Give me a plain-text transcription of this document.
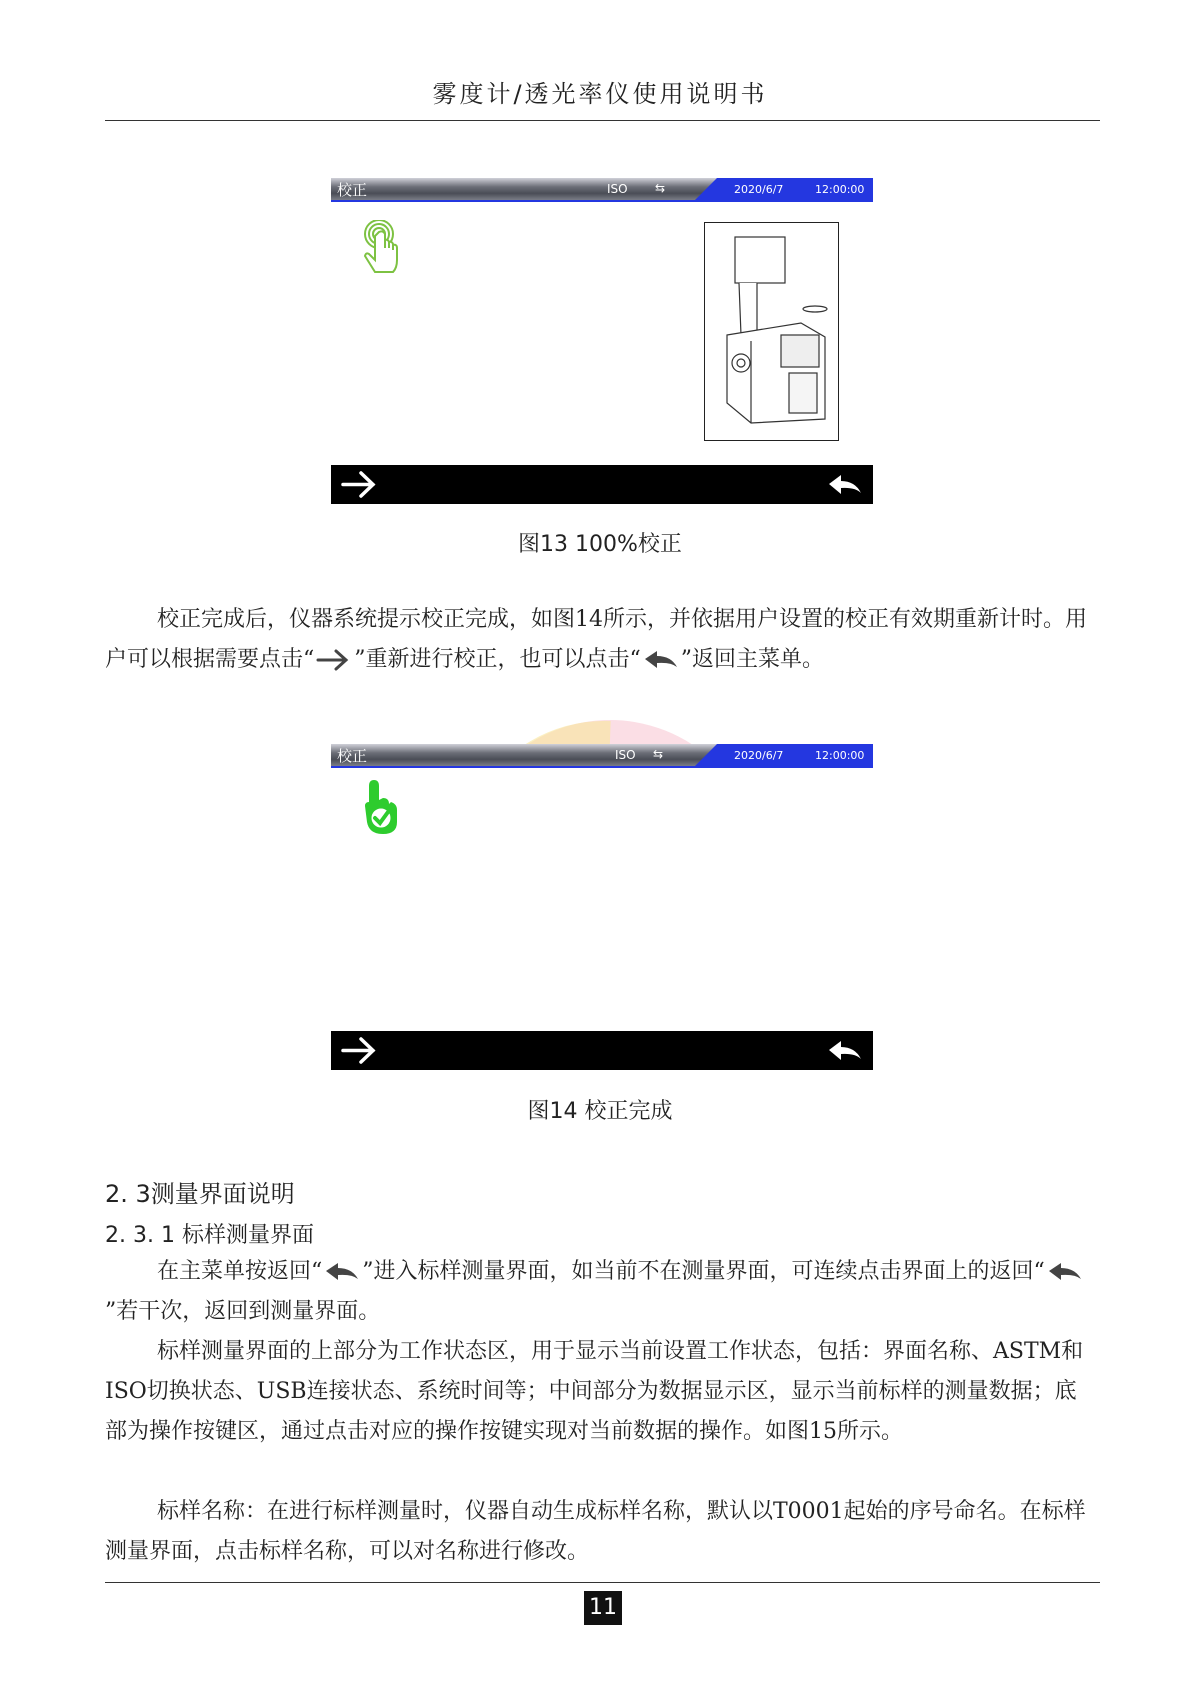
雾度计/透光率仪使用说明书
校正	ISO ⇆	2020/6/7	12:00:00
图13 100%校正

校正完成后，仪器系统提示校正完成，如图14所示，并依据用户设置的校正有效期重新计时。用户可以根据需要点击“ ”重新进行校正，也可以点击“ ”返回主菜单。

校正	ISO ⇆	2020/6/7	12:00:00
图14 校正完成
2. 3测量界面说明
2. 3. 1 标样测量界面

在主菜单按返回“ ”进入标样测量界面，如当前不在测量界面，可连续点击界面上的返回“
”若干次，返回到测量界面。

标样测量界面的上部分为工作状态区，用于显示当前设置工作状态，包括：界面名称、ASTM和ISO切换状态、USB连接状态、系统时间等；中间部分为数据显示区，显示当前标样的测量数据；底部为操作按键区，通过点击对应的操作按键实现对当前数据的操作。如图15所示。

标样名称：在进行标样测量时，仪器自动生成标样名称，默认以T0001起始的序号命名。在标样测量界面，点击标样名称，可以对名称进行修改。

11
